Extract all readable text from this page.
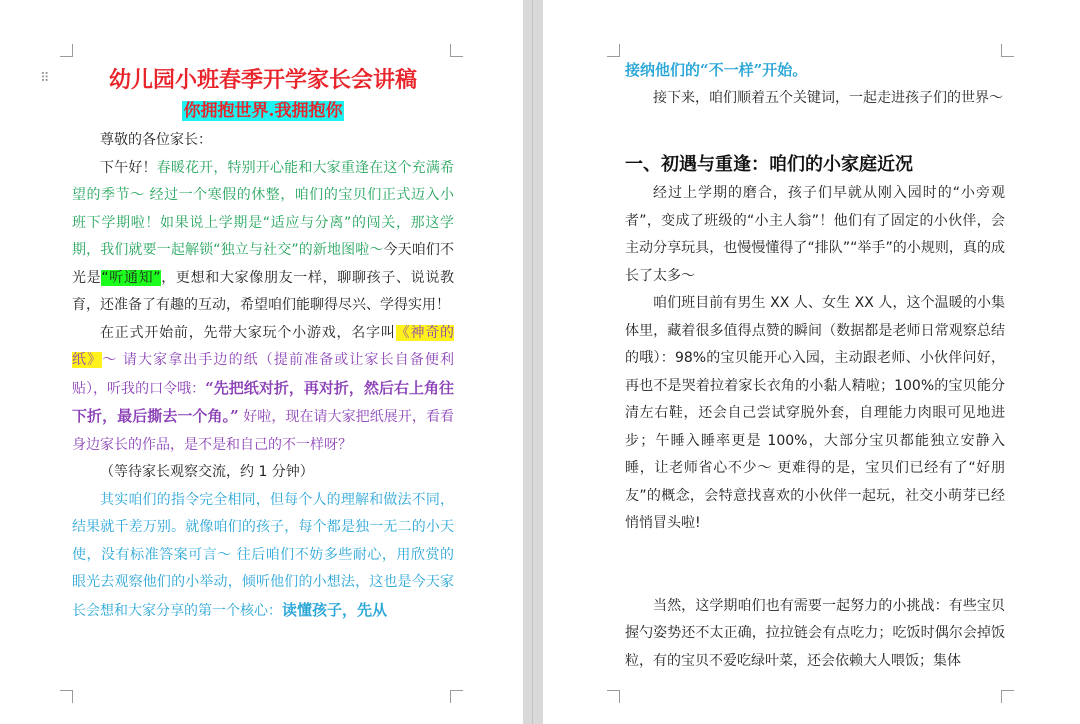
⠿	幼儿园小班春季开学家长会讲稿
你拥抱世界.我拥抱你

尊敬的各位家长：

下午好！春暖花开，特别开心能和大家重逢在这个充满希望的季节～ 经过一个寒假的休整，咱们的宝贝们正式迈入小班下学期啦！如果说上学期是“适应与分离”的闯关，那这学期，我们就要一起解锁“独立与社交”的新地图啦～今天咱们不光是“听通知”，更想和大家像朋友一样，聊聊孩子、说说教育，还准备了有趣的互动，希望咱们能聊得尽兴、学得实用！

在正式开始前，先带大家玩个小游戏，名字叫《神奇的纸》～ 请大家拿出手边的纸（提前准备或让家长自备便利贴），听我的口令哦：“先把纸对折，再对折，然后右上角往下折，最后撕去一个角。” 好啦，现在请大家把纸展开，看看身边家长的作品，是不是和自己的不一样呀？

（等待家长观察交流，约 1 分钟）

其实咱们的指令完全相同，但每个人的理解和做法不同，结果就千差万别。就像咱们的孩子，每个都是独一无二的小天使，没有标准答案可言～ 往后咱们不妨多些耐心，用欣赏的眼光去观察他们的小举动，倾听他们的小想法，这也是今天家长会想和大家分享的第一个核心：读懂孩子，先从

接纳他们的“不一样”开始。

接下来，咱们顺着五个关键词，一起走进孩子们的世界～

一、初遇与重逢：咱们的小家庭近况

经过上学期的磨合，孩子们早就从刚入园时的“小旁观者”，变成了班级的“小主人翁”！他们有了固定的小伙伴，会主动分享玩具，也慢慢懂得了“排队”“举手”的小规则，真的成长了太多～

咱们班目前有男生 XX 人、女生 XX 人，这个温暖的小集体里，藏着很多值得点赞的瞬间（数据都是老师日常观察总结的哦）：98%的宝贝能开心入园，主动跟老师、小伙伴问好，再也不是哭着拉着家长衣角的小黏人精啦；100%的宝贝能分清左右鞋，还会自己尝试穿脱外套，自理能力肉眼可见地进步；午睡入睡率更是 100%，大部分宝贝都能独立安静入睡，让老师省心不少～ 更难得的是，宝贝们已经有了“好朋友”的概念，会特意找喜欢的小伙伴一起玩，社交小萌芽已经悄悄冒头啦!

当然，这学期咱们也有需要一起努力的小挑战：有些宝贝握勺姿势还不太正确，拉拉链会有点吃力；吃饭时偶尔会掉饭粒，有的宝贝不爱吃绿叶菜，还会依赖大人喂饭；集体
